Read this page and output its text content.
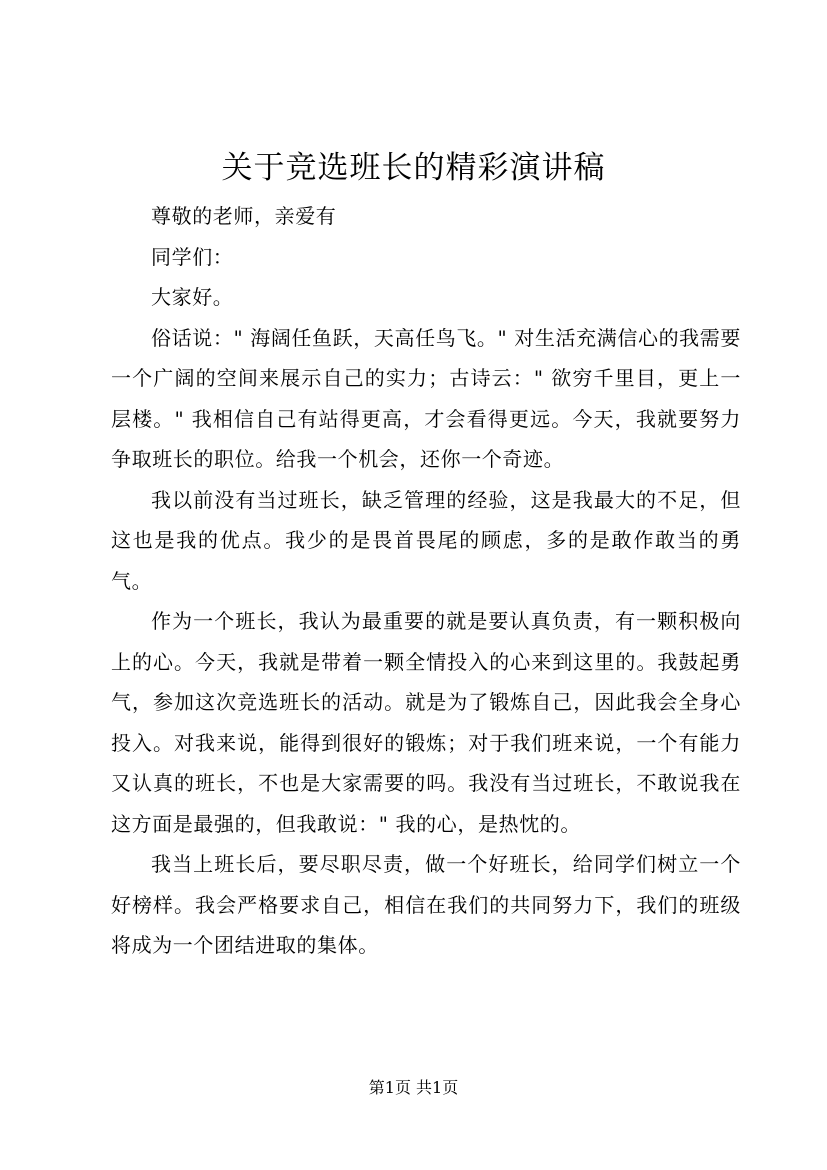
关于竞选班长的精彩演讲稿

尊敬的老师，亲爱有

同学们：

大家好。

俗话说：" 海阔任鱼跃，天高任鸟飞。" 对生活充满信心的我需要一个广阔的空间来展示自己的实力；古诗云：" 欲穷千里目，更上一层楼。" 我相信自己有站得更高，才会看得更远。今天，我就要努力争取班长的职位。给我一个机会，还你一个奇迹。

我以前没有当过班长，缺乏管理的经验，这是我最大的不足，但这也是我的优点。我少的是畏首畏尾的顾虑，多的是敢作敢当的勇气。

作为一个班长，我认为最重要的就是要认真负责，有一颗积极向上的心。今天，我就是带着一颗全情投入的心来到这里的。我鼓起勇气，参加这次竞选班长的活动。就是为了锻炼自己，因此我会全身心投入。对我来说，能得到很好的锻炼；对于我们班来说，一个有能力又认真的班长，不也是大家需要的吗。我没有当过班长，不敢说我在这方面是最强的，但我敢说：" 我的心，是热忱的。

我当上班长后，要尽职尽责，做一个好班长，给同学们树立一个好榜样。我会严格要求自己，相信在我们的共同努力下，我们的班级将成为一个团结进取的集体。

第1页 共1页
